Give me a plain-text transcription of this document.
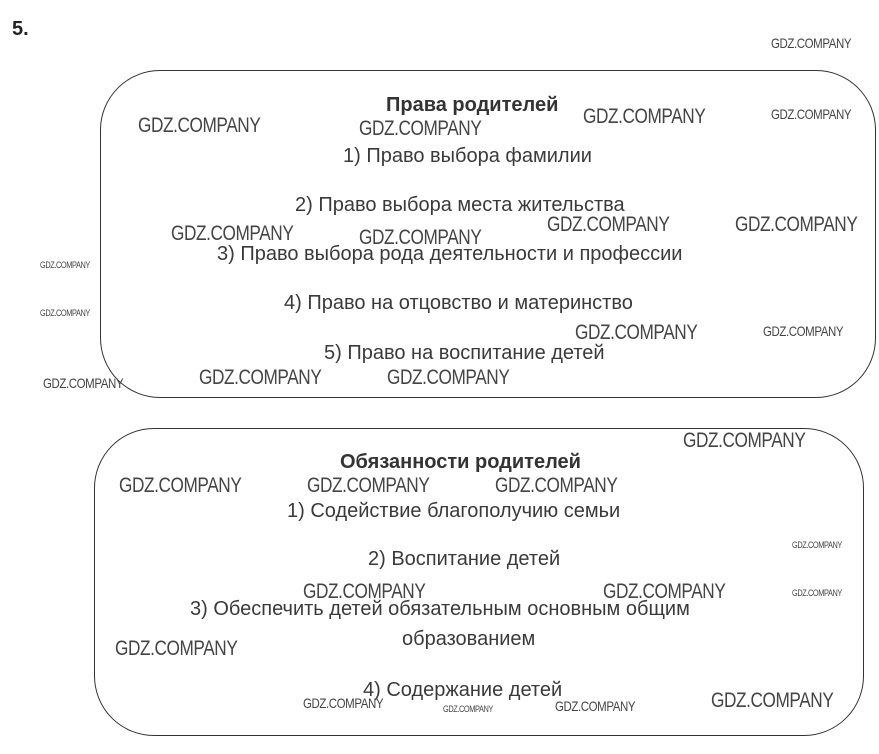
5.
Права родителей
1) Право выбора фамилии
2) Право выбора места жительства
3) Право выбора рода деятельности и профессии
4) Право на отцовство и материнство
5) Право на воспитание детей
Обязанности родителей
1) Содействие благополучию семьи
2) Воспитание детей
3) Обеспечить детей обязательным основным общим
образованием
4) Содержание детей
GDZ.COMPANY
GDZ.COMPANY	GDZ.COMPANY
GDZ.COMPANY	GDZ.COMPANY
GDZ.COMPANY	GDZ.COMPANY
GDZ.COMPANY	GDZ.COMPANY
GDZ.COMPANY
GDZ.COMPANY
GDZ.COMPANY	GDZ.COMPANY
GDZ.COMPANY	GDZ.COMPANY	GDZ.COMPANY
GDZ.COMPANY
GDZ.COMPANY	GDZ.COMPANY	GDZ.COMPANY
GDZ.COMPANY
GDZ.COMPANY	GDZ.COMPANY	GDZ.COMPANY
GDZ.COMPANY
GDZ.COMPANY	GDZ.COMPANY	GDZ.COMPANY	GDZ.COMPANY
